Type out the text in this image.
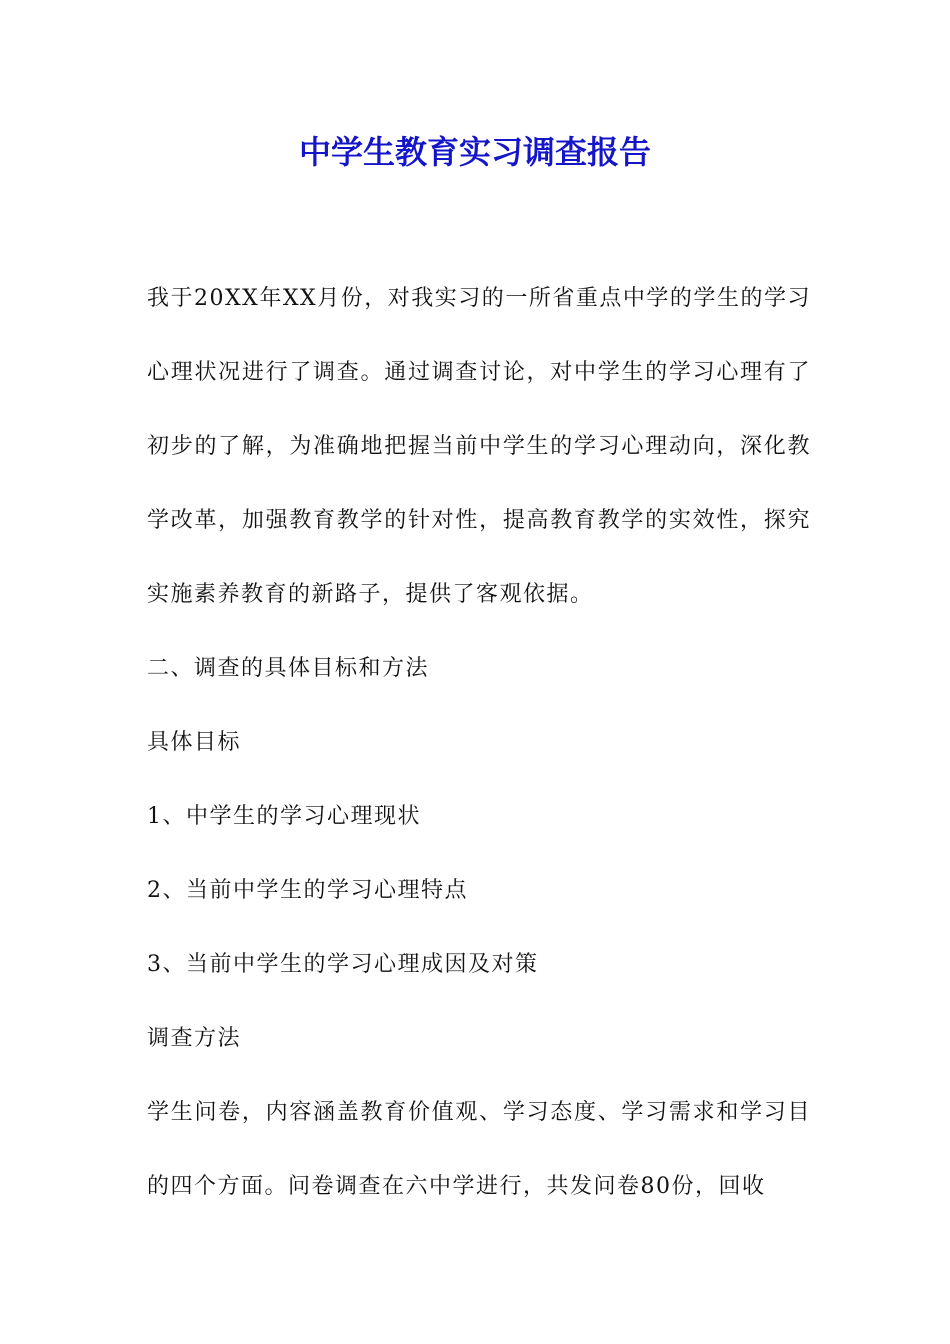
中学生教育实习调查报告

我于20XX年XX月份，对我实习的一所省重点中学的学生的学习心理状况进行了调查。通过调查讨论，对中学生的学习心理有了初步的了解，为准确地把握当前中学生的学习心理动向，深化教学改革，加强教育教学的针对性，提高教育教学的实效性，探究实施素养教育的新路子，提供了客观依据。

二、调查的具体目标和方法

具体目标

1、中学生的学习心理现状

2、当前中学生的学习心理特点

3、当前中学生的学习心理成因及对策

调查方法

学生问卷，内容涵盖教育价值观、学习态度、学习需求和学习目的四个方面。问卷调查在六中学进行，共发问卷80份，回收
